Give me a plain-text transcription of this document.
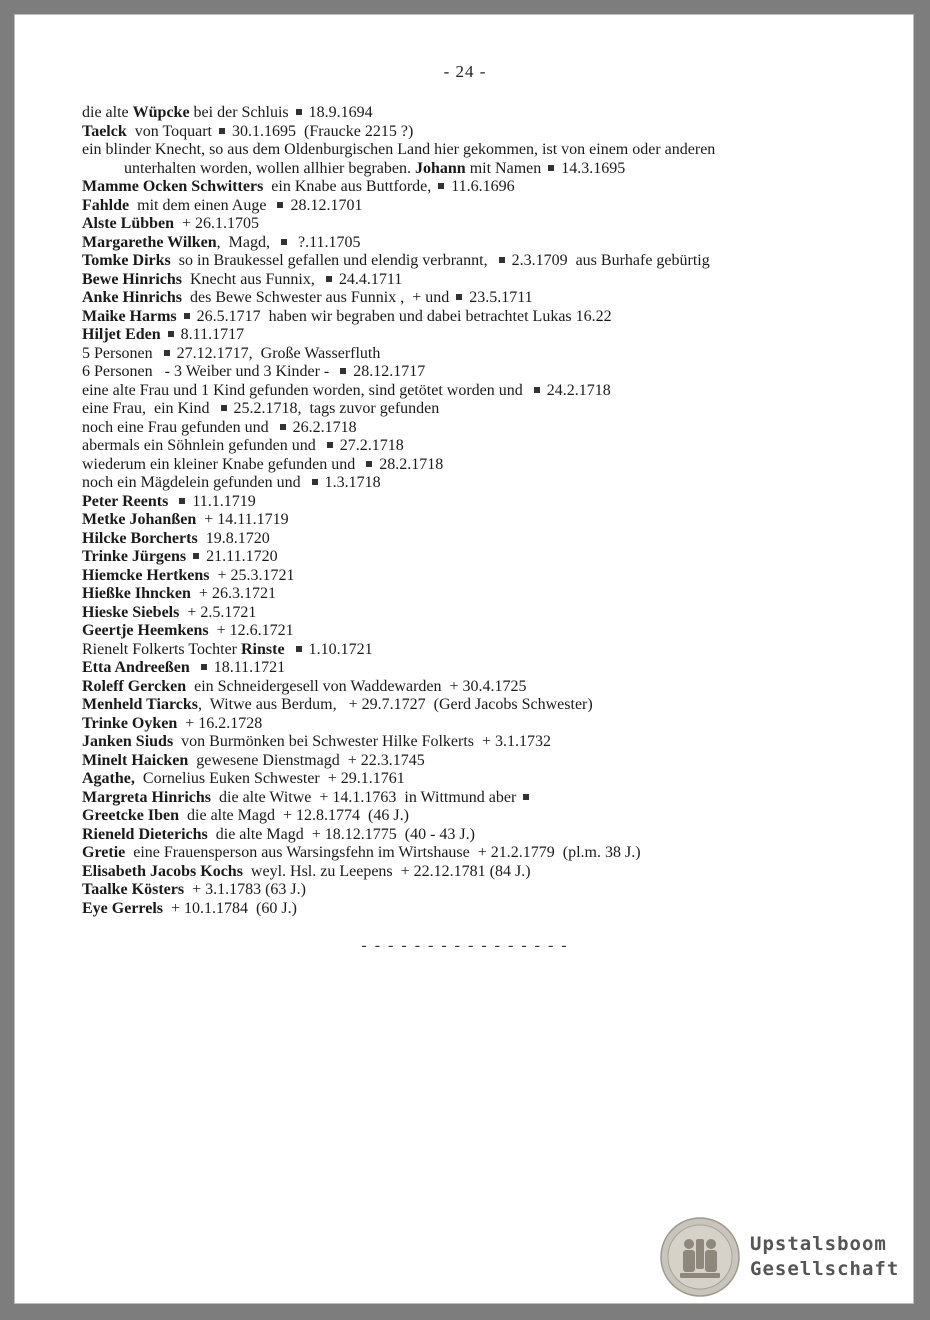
- 24 -
die alte Wüpcke bei der Schluis  18.9.1694
Taelck  von Toquart  30.1.1695  (Fraucke 2215 ?)
ein blinder Knecht, so aus dem Oldenburgischen Land hier gekommen, ist von einem oder anderen
unterhalten worden, wollen allhier begraben. Johann mit Namen  14.3.1695
Mamme Ocken Schwitters  ein Knabe aus Buttforde,  11.6.1696
Fahlde  mit dem einen Auge   28.12.1701
Alste Lübben  + 26.1.1705
Margarethe Wilken,  Magd,    ?.11.1705
Tomke Dirks  so in Braukessel gefallen und elendig verbrannt,   2.3.1709  aus Burhafe gebürtig
Bewe Hinrichs  Knecht aus Funnix,   24.4.1711
Anke Hinrichs  des Bewe Schwester aus Funnix ,  + und  23.5.1711
Maike Harms  26.5.1717  haben wir begraben und dabei betrachtet Lukas 16.22
Hiljet Eden  8.11.1717
5 Personen   27.12.1717,  Große Wasserfluth
6 Personen   - 3 Weiber und 3 Kinder -   28.12.1717
eine alte Frau und 1 Kind gefunden worden, sind getötet worden und   24.2.1718
eine Frau,  ein Kind   25.2.1718,  tags zuvor gefunden
noch eine Frau gefunden und   26.2.1718
abermals ein Söhnlein gefunden und   27.2.1718
wiederum ein kleiner Knabe gefunden und   28.2.1718
noch ein Mägdelein gefunden und   1.3.1718
Peter Reents   11.1.1719
Metke Johanßen  + 14.11.1719
Hilcke Borcherts  19.8.1720
Trinke Jürgens  21.11.1720
Hiemcke Hertkens  + 25.3.1721
Hießke Ihncken  + 26.3.1721
Hieske Siebels  + 2.5.1721
Geertje Heemkens  + 12.6.1721
Rienelt Folkerts Tochter Rinste   1.10.1721
Etta Andreeßen   18.11.1721
Roleff Gercken  ein Schneidergesell von Waddewarden  + 30.4.1725
Menheld Tiarcks,  Witwe aus Berdum,   + 29.7.1727  (Gerd Jacobs Schwester)
Trinke Oyken  + 16.2.1728
Janken Siuds  von Burmönken bei Schwester Hilke Folkerts  + 3.1.1732
Minelt Haicken  gewesene Dienstmagd  + 22.3.1745
Agathe,  Cornelius Euken Schwester  + 29.1.1761
Margreta Hinrichs  die alte Witwe  + 14.1.1763  in Wittmund aber
Greetcke Iben  die alte Magd  + 12.8.1774  (46 J.)
Rieneld Dieterichs  die alte Magd  + 18.12.1775  (40 - 43 J.)
Gretie  eine Frauensperson aus Warsingsfehn im Wirtshause  + 21.2.1779  (pl.m. 38 J.)
Elisabeth Jacobs Kochs  weyl. Hsl. zu Leepens  + 22.12.1781 (84 J.)
Taalke Kösters  + 3.1.1783 (63 J.)
Eye Gerrels  + 10.1.1784  (60 J.)
- - - - - - - - - - - - - - - -
Upstalsboom
Gesellschaft
